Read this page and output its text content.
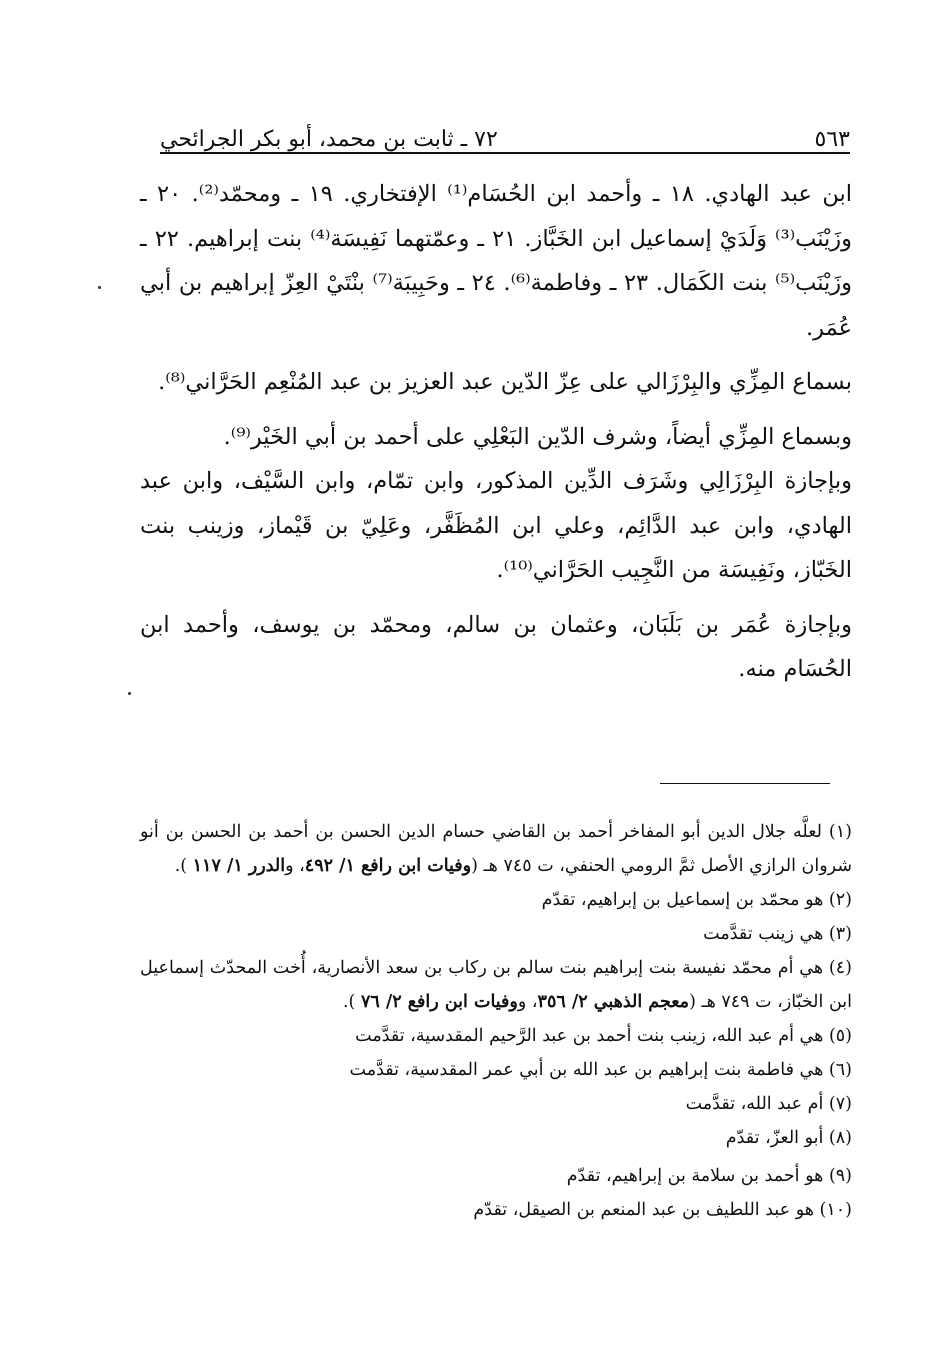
٧٢ ـ ثابت بن محمد، أبو بكر الجرائحي	٥٦٣

ابن عبد الهادي. ١٨ ـ وأحمد ابن الحُسَام⁽¹⁾ الإفتخاري. ١٩ ـ ومحمّد⁽²⁾. ٢٠ ـ وزَيْنَب⁽³⁾ وَلَدَيْ إسماعيل ابن الخَبَّاز. ٢١ ـ وعمّتهما نَفِيسَة⁽⁴⁾ بنت إبراهيم. ٢٢ ـ وزَيْنَب⁽⁵⁾ بنت الكَمَال. ٢٣ ـ وفاطمة⁽⁶⁾. ٢٤ ـ وحَبِيبَة⁽⁷⁾ بنْتَيْ العِزّ إبراهيم بن أبي عُمَر.

بسماع المِزِّي والبِرْزَالي على عِزّ الدّين عبد العزيز بن عبد المُنْعِم الحَرَّاني⁽⁸⁾.

وبسماع المِزِّي أيضاً، وشرف الدّين البَعْلِي على أحمد بن أبي الخَيْر⁽⁹⁾.

وبإجازة البِرْزَالِي وشَرَف الدِّين المذكور، وابن تمّام، وابن السَّيْف، وابن عبد الهادي، وابن عبد الدَّائِم، وعلي ابن المُظَفَّر، وعَلِيّ بن قَيْماز، وزينب بنت الخَبّاز، ونَفِيسَة من النَّجِيب الحَرَّاني⁽¹⁰⁾.

وبإجازة عُمَر بن بَلَبَان، وعثمان بن سالم، ومحمّد بن يوسف، وأحمد ابن الحُسَام منه.

(١) لعلَّه جلال الدين أبو المفاخر أحمد بن القاضي حسام الدين الحسن بن أحمد بن الحسن بن أنو شروان الرازي الأصل ثمَّ الرومي الحنفي، ت ٧٤٥ هـ (وفيات ابن رافع ١/ ٤٩٢، والدرر ١/ ١١٧ ).

(٢) هو محمّد بن إسماعيل بن إبراهيم، تقدّم

(٣) هي زينب تقدَّمت

(٤) هي أم محمّد نفيسة بنت إبراهيم بنت سالم بن ركاب بن سعد الأنصارية، أُخت المحدّث إسماعيل ابن الخبّاز، ت ٧٤٩ هـ (معجم الذهبي ٢/ ٣٥٦، ووفيات ابن رافع ٢/ ٧٦ ).

(٥) هي أم عبد الله، زينب بنت أحمد بن عبد الرَّحيم المقدسية، تقدَّمت

(٦) هي فاطمة بنت إبراهيم بن عبد الله بن أبي عمر المقدسية، تقدَّمت

(٧) أم عبد الله، تقدَّمت

(٨) أبو العزّ، تقدّم

(٩) هو أحمد بن سلامة بن إبراهيم، تقدّم

(١٠) هو عبد اللطيف بن عبد المنعم بن الصيقل، تقدّم
